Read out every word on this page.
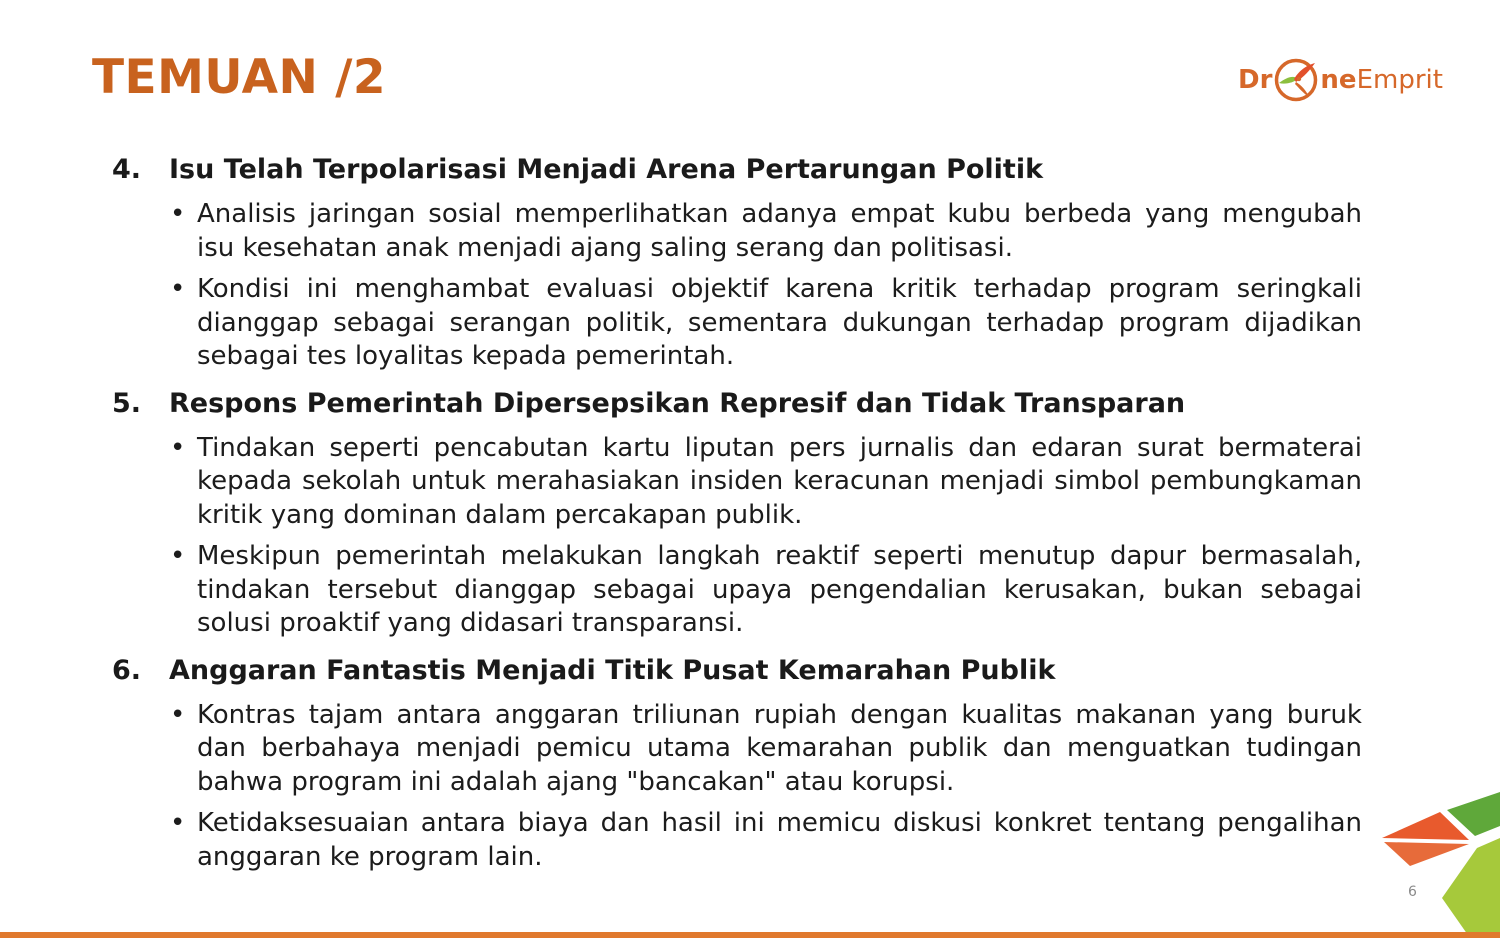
TEMUAN /2	Dr ne Emprit
4. Isu Telah Terpolarisasi Menjadi Arena Pertarungan Politik
• Analisis jaringan sosial memperlihatkan adanya empat kubu berbeda yang mengubah isu kesehatan anak menjadi ajang saling serang dan politisasi.
• Kondisi ini menghambat evaluasi objektif karena kritik terhadap program seringkali dianggap sebagai serangan politik, sementara dukungan terhadap program dijadikan sebagai tes loyalitas kepada pemerintah.
5. Respons Pemerintah Dipersepsikan Represif dan Tidak Transparan
• Tindakan seperti pencabutan kartu liputan pers jurnalis dan edaran surat bermaterai kepada sekolah untuk merahasiakan insiden keracunan menjadi simbol pembungkaman kritik yang dominan dalam percakapan publik.
• Meskipun pemerintah melakukan langkah reaktif seperti menutup dapur bermasalah, tindakan tersebut dianggap sebagai upaya pengendalian kerusakan, bukan sebagai solusi proaktif yang didasari transparansi.
6. Anggaran Fantastis Menjadi Titik Pusat Kemarahan Publik
• Kontras tajam antara anggaran triliunan rupiah dengan kualitas makanan yang buruk dan berbahaya menjadi pemicu utama kemarahan publik dan menguatkan tudingan bahwa program ini adalah ajang "bancakan" atau korupsi.
• Ketidaksesuaian antara biaya dan hasil ini memicu diskusi konkret tentang pengalihan anggaran ke program lain.
6
